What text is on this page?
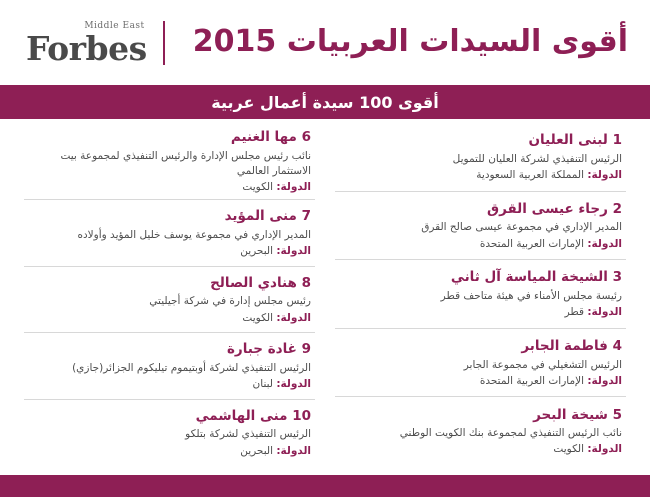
Middle East
Forbes	أقوى السيدات العربيات 2015
أقوى 100 سيدة أعمال عربية
1 لبنى العليان
الرئيس التنفيذي لشركة العليان للتمويل
الدولة: المملكة العربية السعودية
2 رجاء عيسى القرق
المدير الإداري في مجموعة عيسى صالح القرق
الدولة: الإمارات العربية المتحدة
3 الشيخة المياسة آل ثاني
رئيسة مجلس الأمناء في هيئة متاحف قطر
الدولة: قطر
4 فاطمة الجابر
الرئيس التشغيلي في مجموعة الجابر
الدولة: الإمارات العربية المتحدة
5 شيخة البحر
نائب الرئيس التنفيذي لمجموعة بنك الكويت الوطني
الدولة: الكويت
6 مها الغنيم
نائب رئيس مجلس الإدارة والرئيس التنفيذي لمجموعة بيت الاستثمار العالمي
الدولة: الكويت
7 منى المؤيد
المدير الإداري في مجموعة يوسف خليل المؤيد وأولاده
الدولة: البحرين
8 هنادي الصالح
رئيس مجلس إدارة في شركة أجيليتي
الدولة: الكويت
9 غادة جبارة
الرئيس التنفيذي لشركة أوبتيموم تيليكوم الجزائر(جازي)
الدولة: لبنان
10 منى الهاشمي
الرئيس التنفيذي لشركة بتلكو
الدولة: البحرين
